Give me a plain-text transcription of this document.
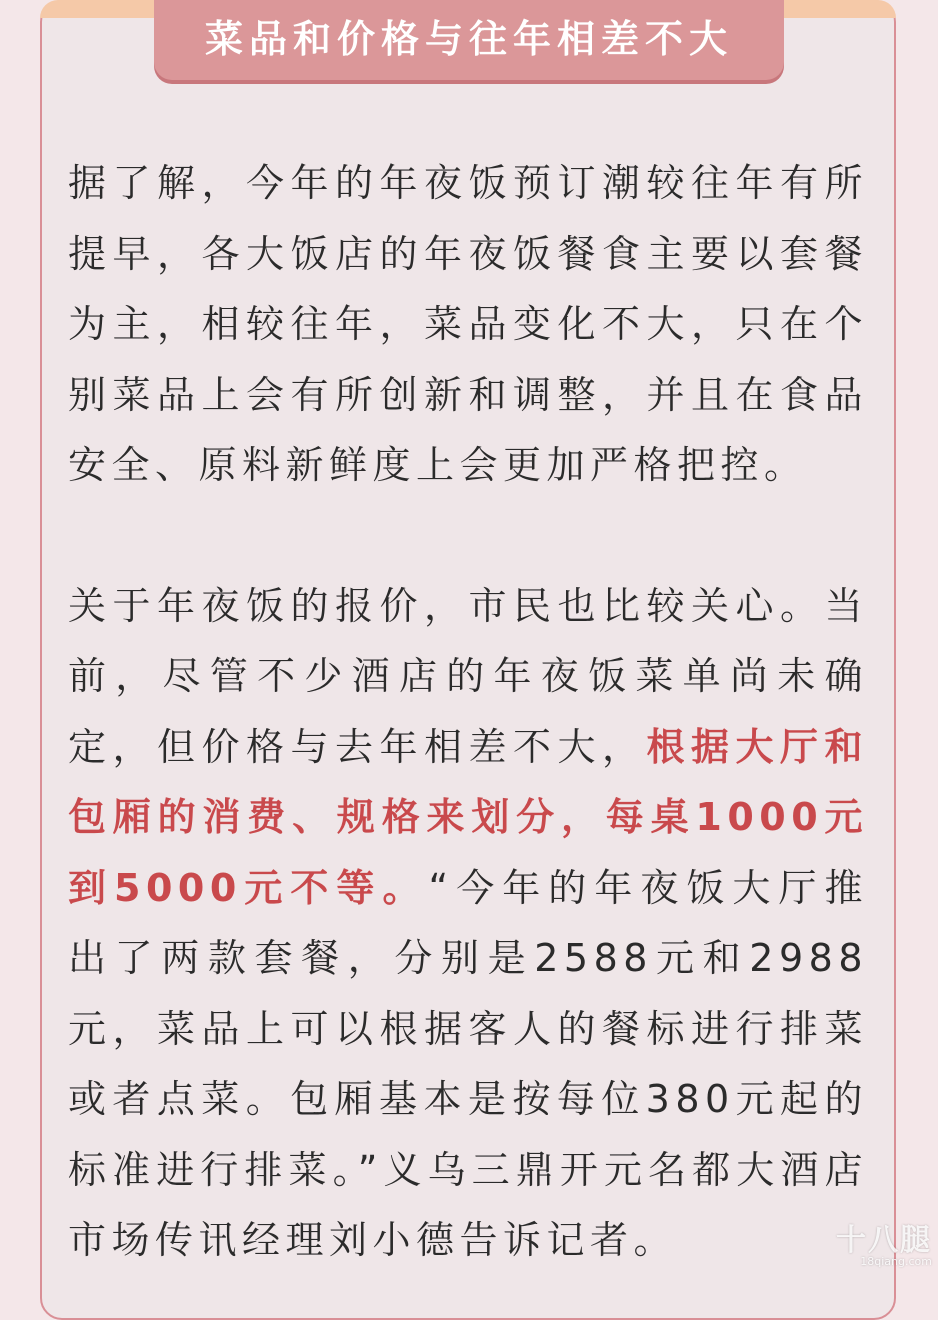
菜品和价格与往年相差不大

据了解，今年的年夜饭预订潮较往年有所提早，各大饭店的年夜饭餐食主要以套餐为主，相较往年，菜品变化不大，只在个别菜品上会有所创新和调整，并且在食品安全、原料新鲜度上会更加严格把控。

关于年夜饭的报价，市民也比较关心。当前，尽管不少酒店的年夜饭菜单尚未确定，但价格与去年相差不大，根据大厅和包厢的消费、规格来划分，每桌1000元到5000元不等。“今年的年夜饭大厅推出了两款套餐，分别是2588元和2988元，菜品上可以根据客人的餐标进行排菜或者点菜。包厢基本是按每位380元起的标准进行排菜。”义乌三鼎开元名都大酒店市场传讯经理刘小德告诉记者。	十八腿
18qiang.com
